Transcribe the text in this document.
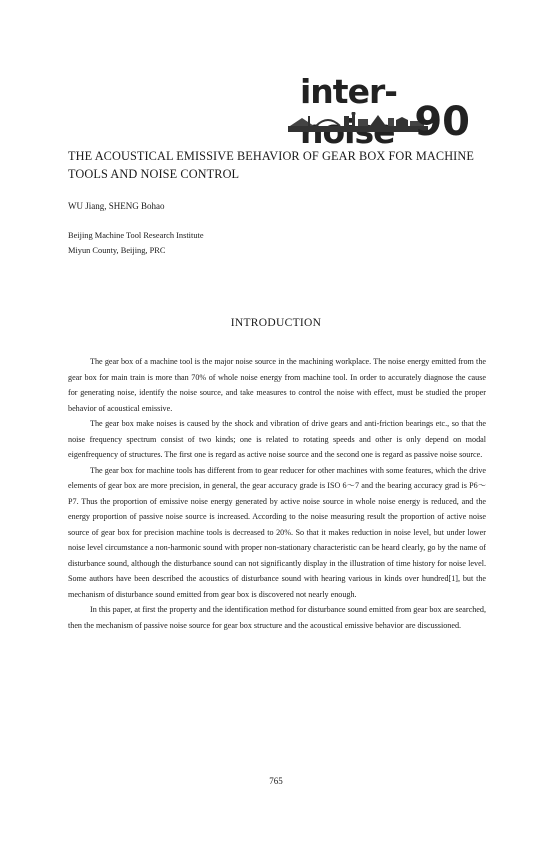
inter-
90
THE ACOUSTICAL EMISSIVE BEHAVIOR OF GEAR BOX FOR MACHINE
TOOLS AND NOISE CONTROL
WU Jiang, SHENG Bohao
Beijing Machine Tool Research Institute
Miyun County, Beijing, PRC
INTRODUCTION

The gear box of a machine tool is the major noise source in the machining workplace. The noise energy emitted from the gear box for main train is more than 70% of whole noise energy from machine tool. In order to accurately diagnose the cause for generating noise, identify the noise source, and take measures to control the noise with effect, must be studied the proper behavior of acoustical emissive.

The gear box make noises is caused by the shock and vibration of drive gears and anti-friction bearings etc., so that the noise frequency spectrum consist of two kinds; one is related to rotating speeds and other is only depend on modal eigenfrequency of structures. The first one is regard as active noise source and the second one is regard as passive noise source.

The gear box for machine tools has different from to gear reducer for other machines with some features, which the drive elements of gear box are more precision, in general, the gear accuracy grade is ISO 6～7 and the bearing accuracy grad is P6～P7. Thus the proportion of emissive noise energy generated by active noise source in whole noise energy is reduced, and the energy proportion of passive noise source is increased. According to the noise measuring result the proportion of active noise source of gear box for precision machine tools is decreased to 20%. So that it makes reduction in noise level, but under lower noise level circumstance a non-harmonic sound with proper non-stationary characteristic can be heard clearly, go by the name of disturbance sound, although the disturbance sound can not significantly display in the illustration of time history for noise level. Some authors have been described the acoustics of disturbance sound with hearing various in kinds over hundred[1], but the mechanism of disturbance sound emitted from gear box is discovered not nearly enough.

In this paper, at first the property and the identification method for disturbance sound emitted from gear box are searched, then the mechanism of passive noise source for gear box structure and the acoustical emissive behavior are discussioned.

765
